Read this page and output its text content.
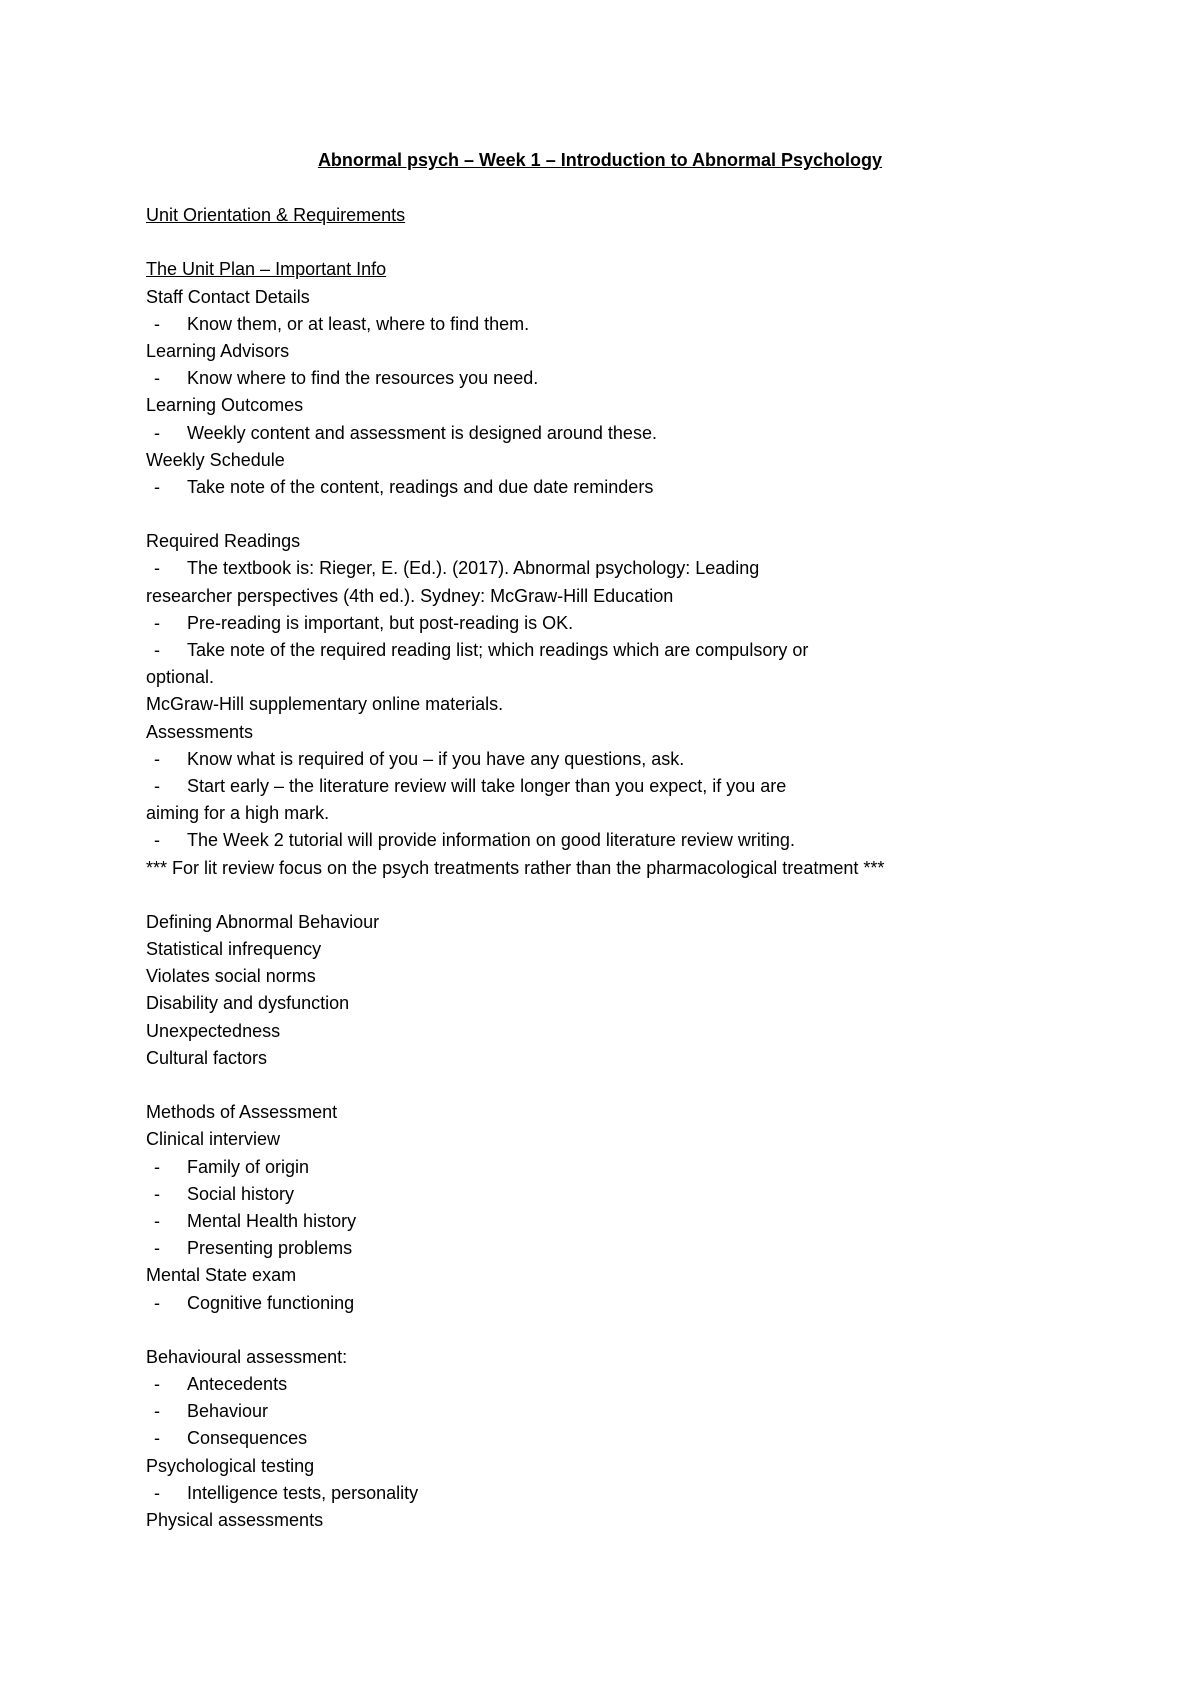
Abnormal psych – Week 1 – Introduction to Abnormal Psychology
Unit Orientation & Requirements
The Unit Plan – Important Info
Staff Contact Details
- Know them, or at least, where to find them.
Learning Advisors
- Know where to find the resources you need.
Learning Outcomes
- Weekly content and assessment is designed around these.
Weekly Schedule
- Take note of the content, readings and due date reminders
Required Readings
- The textbook is: Rieger, E. (Ed.). (2017). Abnormal psychology: Leading
researcher perspectives (4th ed.). Sydney: McGraw-Hill Education
- Pre-reading is important, but post-reading is OK.
- Take note of the required reading list; which readings which are compulsory or
optional.
McGraw-Hill supplementary online materials.
Assessments
- Know what is required of you – if you have any questions, ask.
- Start early – the literature review will take longer than you expect, if you are
aiming for a high mark.
- The Week 2 tutorial will provide information on good literature review writing.
*** For lit review focus on the psych treatments rather than the pharmacological treatment ***
Defining Abnormal Behaviour
Statistical infrequency
Violates social norms
Disability and dysfunction
Unexpectedness
Cultural factors
Methods of Assessment
Clinical interview
- Family of origin
- Social history
- Mental Health history
- Presenting problems
Mental State exam
- Cognitive functioning
Behavioural assessment:
- Antecedents
- Behaviour
- Consequences
Psychological testing
- Intelligence tests, personality
Physical assessments
